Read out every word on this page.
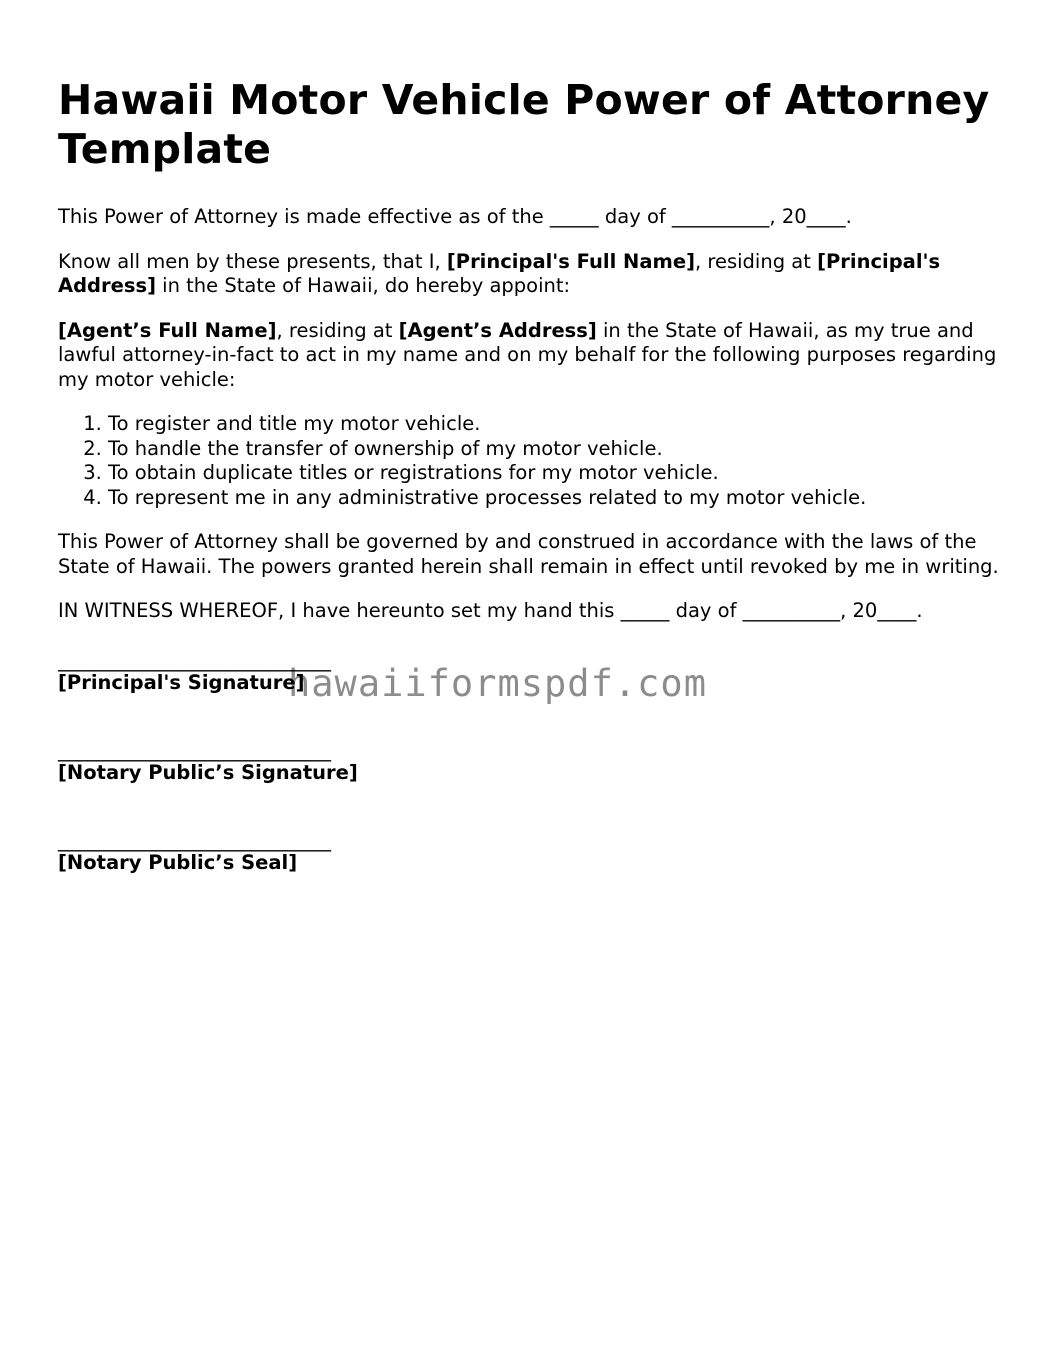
Hawaii Motor Vehicle Power of Attorney Template

This Power of Attorney is made effective as of the _____ day of __________, 20____.

Know all men by these presents, that I, [Principal's Full Name], residing at [Principal's Address] in the State of Hawaii, do hereby appoint:

[Agent’s Full Name], residing at [Agent’s Address] in the State of Hawaii, as my true and lawful attorney-in-fact to act in my name and on my behalf for the following purposes regarding my motor vehicle:

1. To register and title my motor vehicle.
2. To handle the transfer of ownership of my motor vehicle.
3. To obtain duplicate titles or registrations for my motor vehicle.
4. To represent me in any administrative processes related to my motor vehicle.

This Power of Attorney shall be governed by and construed in accordance with the laws of the State of Hawaii. The powers granted herein shall remain in effect until revoked by me in writing.

IN WITNESS WHEREOF, I have hereunto set my hand this _____ day of __________, 20____.

____________________________
[Principal's Signature]
____________________________
[Notary Public’s Signature]
____________________________
[Notary Public’s Seal]
hawaiiformspdf.com
